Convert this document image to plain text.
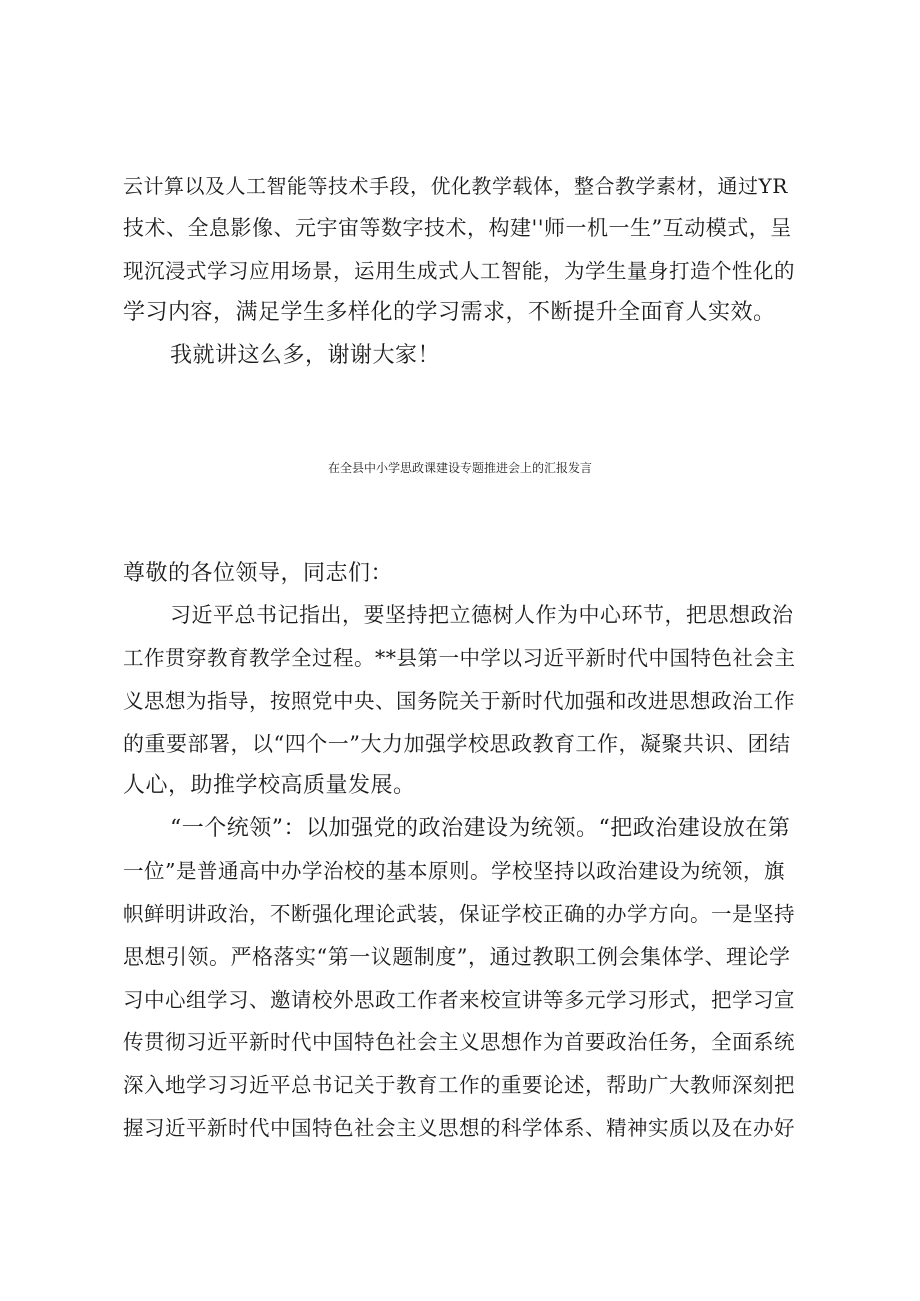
云计算以及人工智能等技术手段，优化教学载体，整合教学素材，通过YR
技术、全息影像、元宇宙等数字技术，构建''师一机一生”互动模式，呈
现沉浸式学习应用场景，运用生成式人工智能，为学生量身打造个性化的
学习内容，满足学生多样化的学习需求，不断提升全面育人实效。
我就讲这么多，谢谢大家！
在全县中小学思政课建设专题推进会上的汇报发言
尊敬的各位领导，同志们：
习近平总书记指出，要坚持把立德树人作为中心环节，把思想政治
工作贯穿教育教学全过程。**县第一中学以习近平新时代中国特色社会主
义思想为指导，按照党中央、国务院关于新时代加强和改进思想政治工作
的重要部署，以“四个一”大力加强学校思政教育工作，凝聚共识、团结
人心，助推学校高质量发展。
“一个统领”：以加强党的政治建设为统领。“把政治建设放在第
一位”是普通高中办学治校的基本原则。学校坚持以政治建设为统领，旗
帜鲜明讲政治，不断强化理论武装，保证学校正确的办学方向。一是坚持
思想引领。严格落实“第一议题制度”，通过教职工例会集体学、理论学
习中心组学习、邀请校外思政工作者来校宣讲等多元学习形式，把学习宣
传贯彻习近平新时代中国特色社会主义思想作为首要政治任务，全面系统
深入地学习习近平总书记关于教育工作的重要论述，帮助广大教师深刻把
握习近平新时代中国特色社会主义思想的科学体系、精神实质以及在办好
